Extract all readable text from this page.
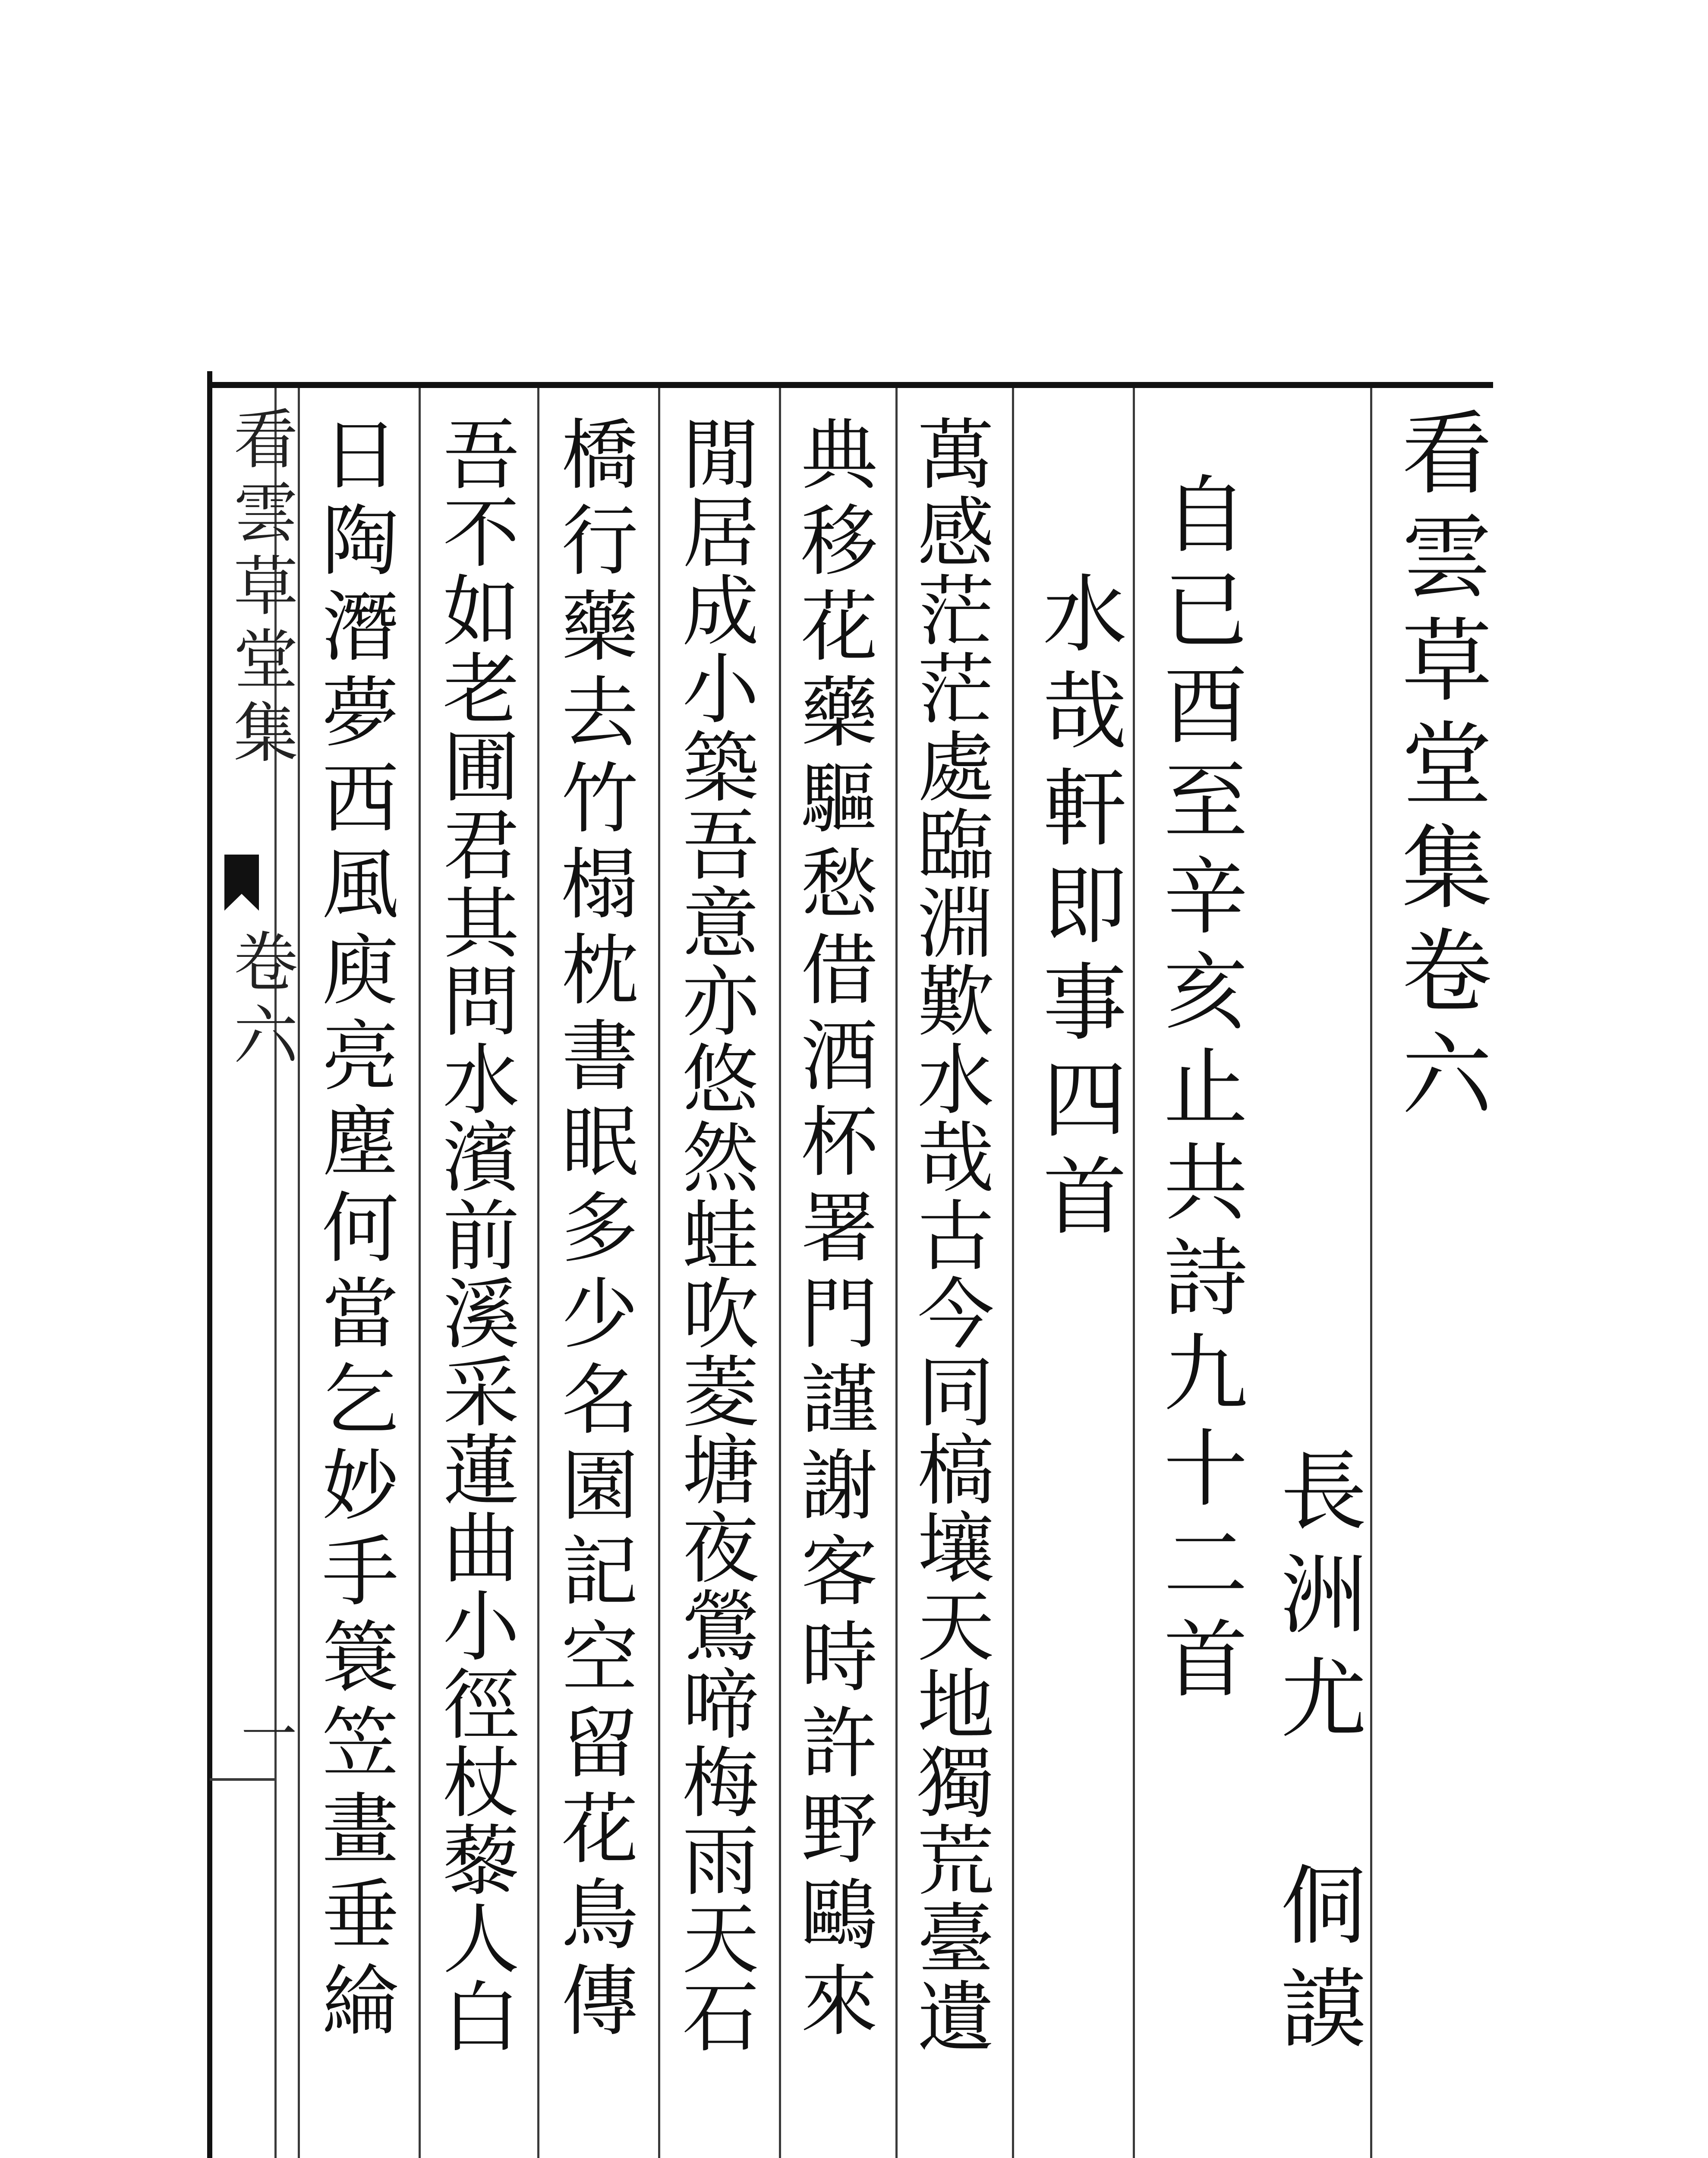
看雲草堂集
卷六
一
看雲草堂集卷六
長洲尤　侗謨
自已酉至辛亥止共詩九十二首
水哉軒即事四首
萬感茫茫處臨淵歎水哉古今同槁壤天地獨荒臺遺
典移花藥驅愁借酒杯署門謹謝客時許野鷗來
閒居成小築吾意亦悠然蛙吹菱塘夜鶯啼梅雨天石
橋行藥去竹榻枕書眠多少名園記空留花鳥傳
吾不如老圃君其問水濱前溪采蓮曲小徑杖藜人白
日陶潛夢西風庾亮塵何當乞妙手簑笠畫垂綸
